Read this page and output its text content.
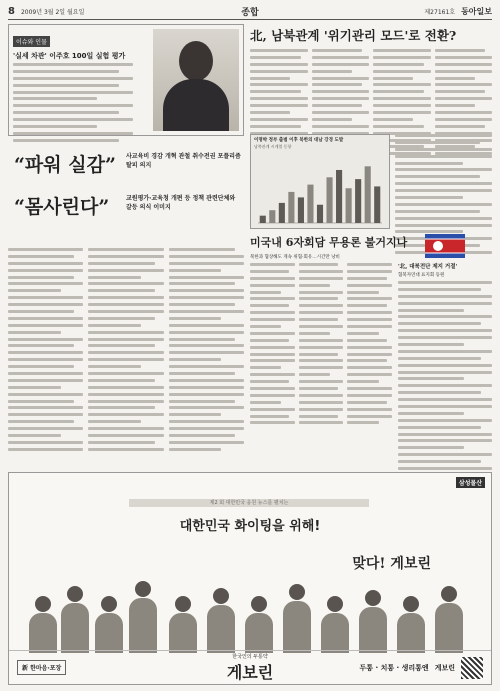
8 2009년 3월 2일 월요일	종합	제27161호 동아일보
이슈와 인물
'실세 차관' 이주호 100일 실험 평가
“파워 실감” 사교육비 경감 개혁 관철 취수전권 포플리즘 탈피 의지
“몸사린다”	교원평가·교육청 개편 등 정책 관련단체와 갈등 의식 이미지
北, 남북관계 '위기관리 모드'로 전환?
이명박 정부 출범 이후 북한의 대남 강경 도발
남북관계 시계열 동향
미국내 6자회담 무용론 불거지나
북한과 협상해도 게속 위협·회유…시간만 낭비
'北, 대북전단 제지 거절'
협북자연대 표지회 등원
삼성물산
제2 회 대한민국 응원 뉴스를 펼치는
대한민국 화이팅을 위해!
맞다! 게보린
新 한마음·포장
한국인의 두통약
게보린	두통 · 치통 · 생리통엔 게보린
